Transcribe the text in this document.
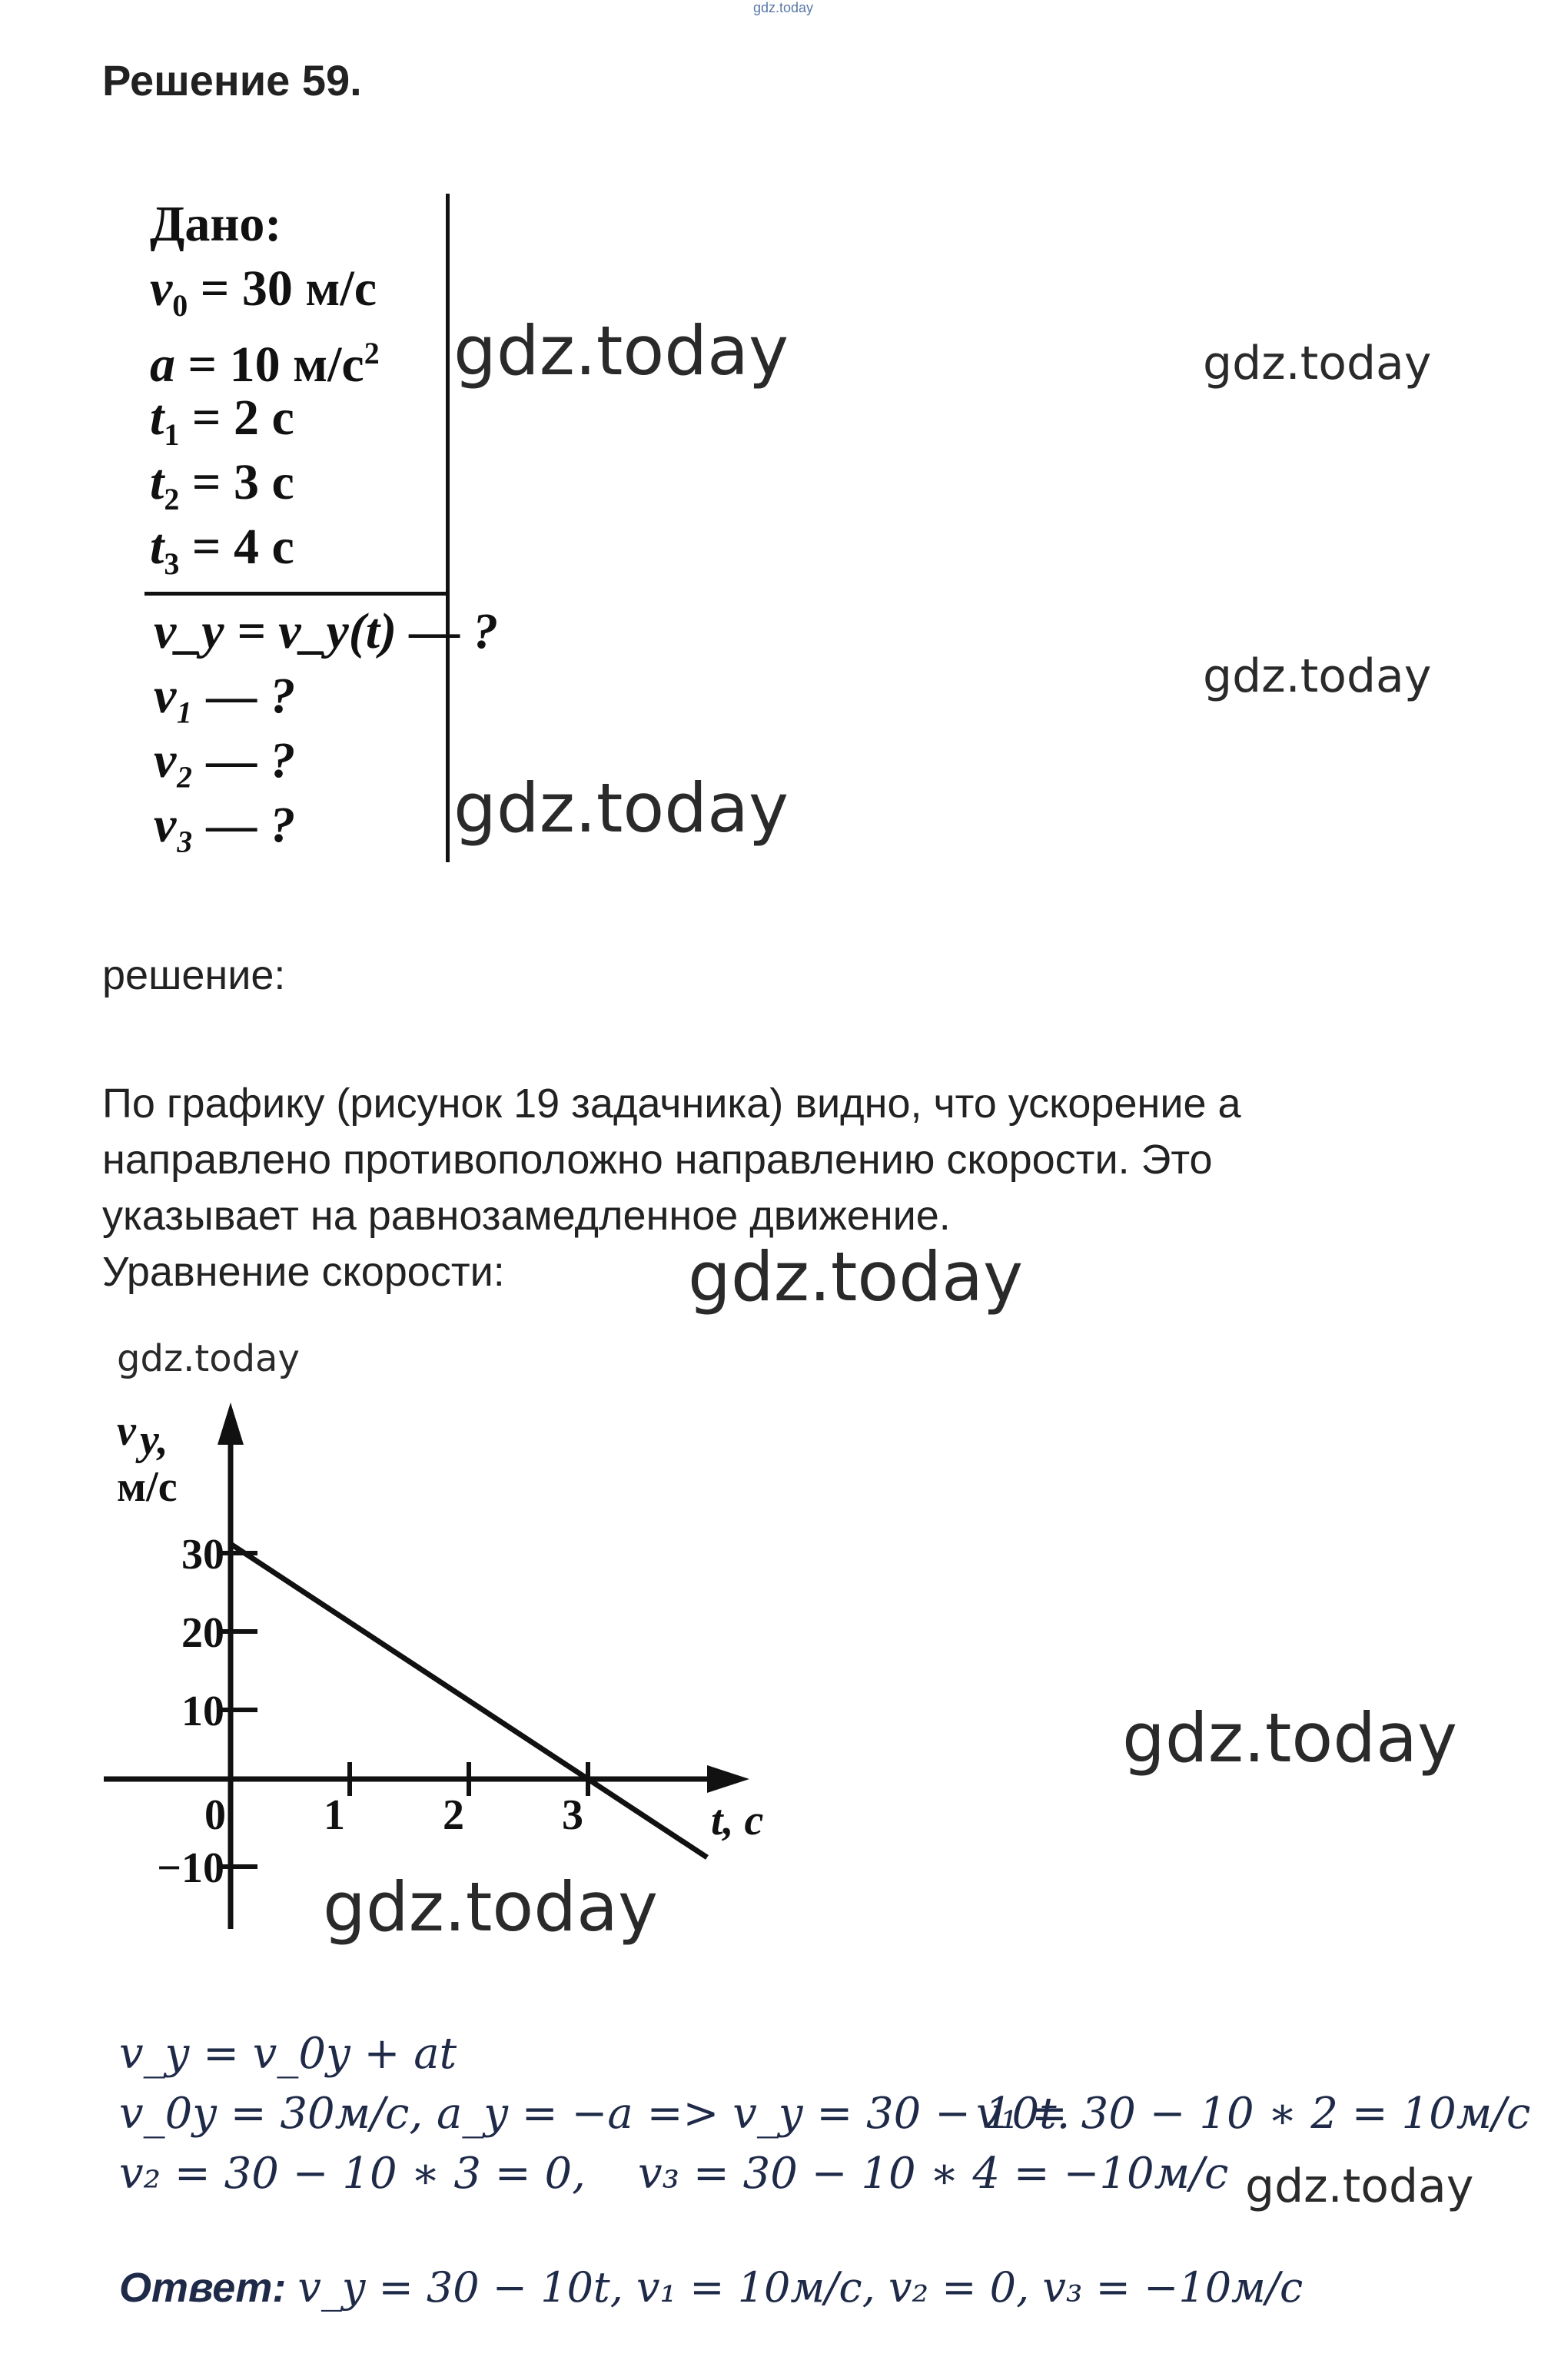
gdz.today
Решение 59.
Дано:
$v_0 = 30$ м/с
a = 10 $м/с^2$
$t_1 = 2$ с
$t_2 = 3$ с
$t_3 = 4$ с
v_y = v_y(t) — ?
v₁ — ?
v₂ — ?
v₃ — ?
gdz.today	gdz.today
gdz.today
gdz.today
решение:
По графику (рисунок 19 задачника) видно, что ускорение а
направлено противоположно направлению скорости. Это
указывает на равнозамедленное движение.
Уравнение скорости:	gdz.today
gdz.today
30
20
10
−10
0 1 2 3	t, с
v y,
м/с
gdz.today
gdz.today
v_y = v_0y + at
v_0y = 30м/с, a_y = −a => v_y = 30 − 10t.
v₁ = 30 − 10 ∗ 2 = 10м/с
v₂ = 30 − 10 ∗ 3 = 0, v₃ = 30 − 10 ∗ 4 = −10м/с gdz.today
Ответ: v_y = 30 − 10t, v₁ = 10м/с, v₂ = 0, v₃ = −10м/с
